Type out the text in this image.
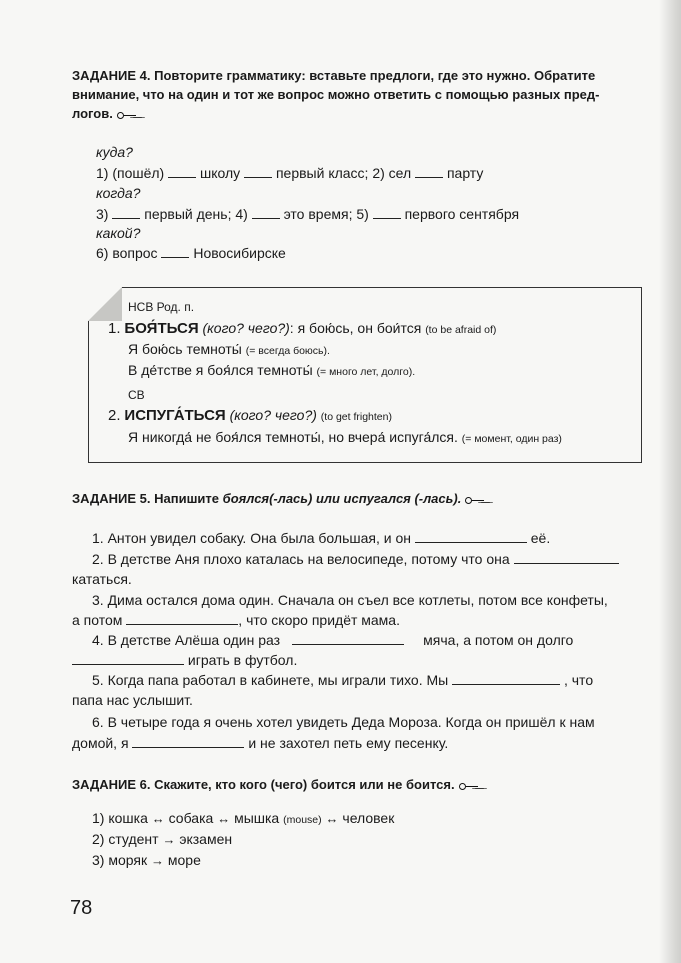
ЗАДАНИЕ 4. Повторите грамматику: вставьте предлоги, где это нужно. Обратите
внимание, что на один и тот же вопрос можно ответить с помощью разных пред-
логов.
куда?
1) (пошёл)	школу	первый класс; 2) сел	парту
когда?
3)	первый день; 4)	это время; 5)	первого сентября
какой?
6) вопрос	Новосибирске
НСВ Род. п.
1. БОЯ́ТЬСЯ (кого? чего?): я бою́сь, он бои́тся (to be afraid of)
Я бою́сь темноты́ (= всегда боюсь).
В де́тстве я боя́лся темноты́ (= много лет, долго).
СВ
2. ИСПУГА́ТЬСЯ (кого? чего?) (to get frighten)
Я никогда́ не боя́лся темноты́, но вчера́ испуга́лся. (= момент, один раз)
ЗАДАНИЕ 5. Напишите боялся(-лась) или испугался (-лась).
1. Антон увидел собаку. Она была большая, и он	её.
2. В детстве Аня плохо каталась на велосипеде, потому что она
кататься.
3. Дима остался дома один. Сначала он съел все котлеты, потом все конфеты,
а потом	, что скоро придёт мама.
4. В детстве Алёша один раз	мяча, а потом он долго
играть в футбол.
5. Когда папа работал в кабинете, мы играли тихо. Мы	, что
папа нас услышит.
6. В четыре года я очень хотел увидеть Деда Мороза. Когда он пришёл к нам
домой, я	и не захотел петь ему песенку.
ЗАДАНИЕ 6. Скажите, кто кого (чего) боится или не боится.
1) кошка ↔ собака ↔ мышка (mouse) ↔ человек
2) студент → экзамен
3) моряк → море
78
